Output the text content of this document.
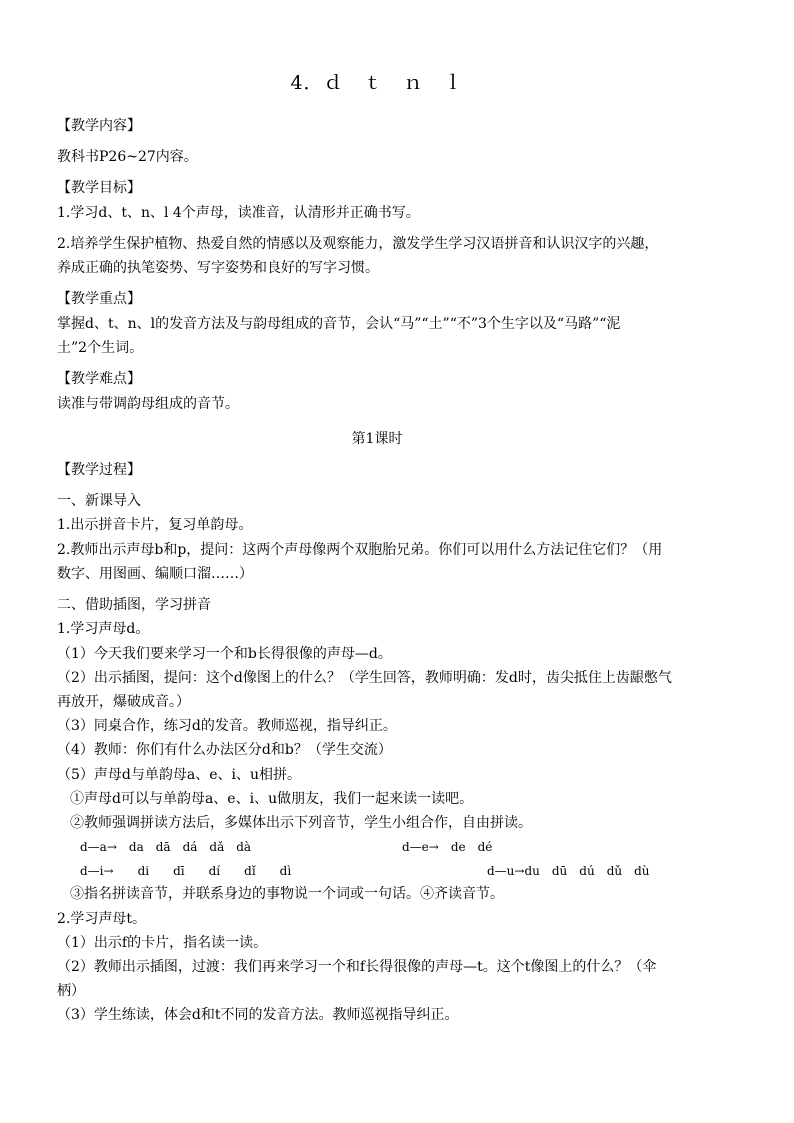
4．ｄ　ｔ　ｎ　ｌ
【教学内容】
教科书P26~27内容。
【教学目标】
1.学习d、t、n、l 4个声母，读准音，认清形并正确书写。
2.培养学生保护植物、热爱自然的情感以及观察能力，激发学生学习汉语拼音和认识汉字的兴趣，
养成正确的执笔姿势、写字姿势和良好的写字习惯。
【教学重点】
掌握d、t、n、l的发音方法及与韵母组成的音节，会认“马”“土”“不”3个生字以及“马路”“泥
土”2个生词。
【教学难点】
读准与带调韵母组成的音节。
第1课时
【教学过程】
一、新课导入
1.出示拼音卡片，复习单韵母。
2.教师出示声母b和p，提问：这两个声母像两个双胞胎兄弟。你们可以用什么方法记住它们？（用
数字、用图画、编顺口溜……）
二、借助插图，学习拼音
1.学习声母d。
（1）今天我们要来学习一个和b长得很像的声母—d。
（2）出示插图，提问：这个d像图上的什么？（学生回答，教师明确：发d时，齿尖抵住上齿龈憋气
再放开，爆破成音。）
（3）同桌合作，练习d的发音。教师巡视，指导纠正。
（4）教师：你们有什么办法区分d和b？（学生交流）
（5）声母d与单韵母a、e、i、u相拼。
①声母d可以与单韵母a、e、i、u做朋友，我们一起来读一读吧。
②教师强调拼读方法后，多媒体出示下列音节，学生小组合作，自由拼读。
d—a→　da　dā　dá　dǎ　dà	d—e→　de　dé
d—i→　　di　　dī　　dí　　dǐ　　dì	d—u→du　dū　dú　dǔ　dù
③指名拼读音节，并联系身边的事物说一个词或一句话。④齐读音节。
2.学习声母t。
（1）出示f的卡片，指名读一读。
（2）教师出示插图，过渡：我们再来学习一个和f长得很像的声母—t。这个t像图上的什么？（伞
柄）
（3）学生练读，体会d和t不同的发音方法。教师巡视指导纠正。
